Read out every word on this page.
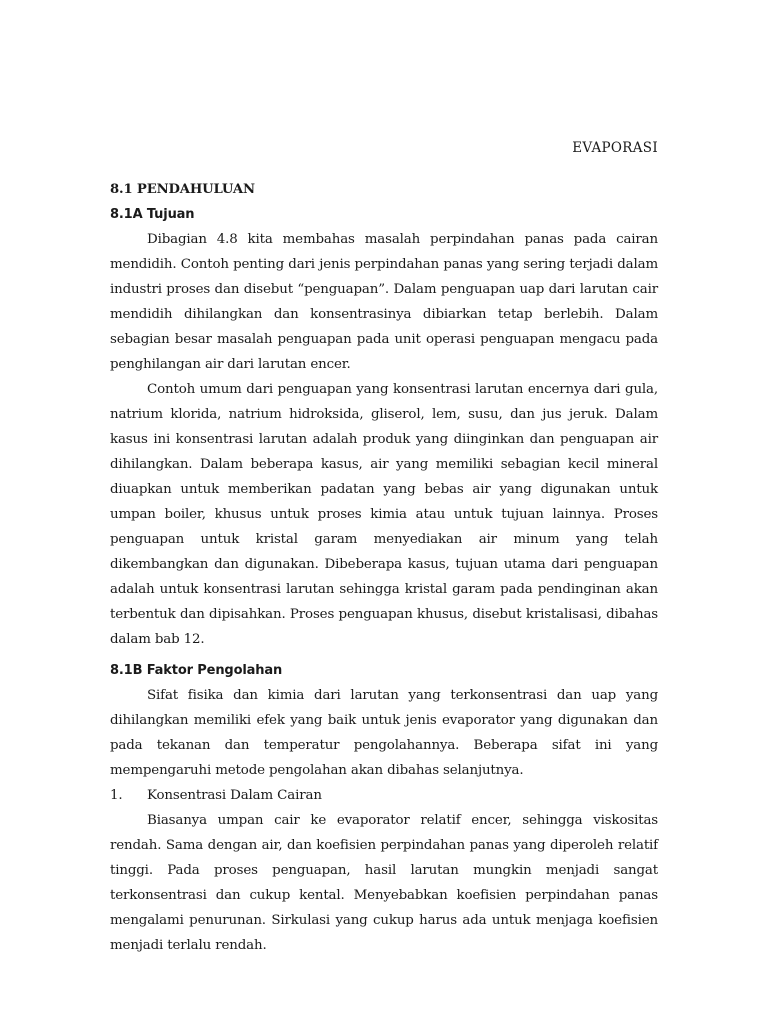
EVAPORASI
8.1 PENDAHULUAN
8.1A Tujuan

Dibagian 4.8 kita membahas masalah perpindahan panas pada cairan mendidih. Contoh penting dari jenis perpindahan panas yang sering terjadi dalam industri proses dan disebut “penguapan”. Dalam penguapan uap dari larutan cair mendidih dihilangkan dan konsentrasinya dibiarkan tetap berlebih. Dalam sebagian besar masalah penguapan pada unit operasi penguapan mengacu pada penghilangan air dari larutan encer.

Contoh umum dari penguapan yang konsentrasi larutan encernya dari gula, natrium klorida, natrium hidroksida, gliserol, lem, susu, dan jus jeruk. Dalam kasus ini konsentrasi larutan adalah produk yang diinginkan dan penguapan air dihilangkan. Dalam beberapa kasus, air yang memiliki sebagian kecil mineral diuapkan untuk memberikan padatan yang bebas air yang digunakan untuk umpan boiler, khusus untuk proses kimia atau untuk tujuan lainnya. Proses penguapan untuk kristal garam menyediakan air minum yang telah dikembangkan dan digunakan. Dibeberapa kasus, tujuan utama dari penguapan adalah untuk konsentrasi larutan sehingga kristal garam pada pendinginan akan terbentuk dan dipisahkan. Proses penguapan khusus, disebut kristalisasi, dibahas dalam bab 12.

8.1B Faktor Pengolahan

Sifat fisika dan kimia dari larutan yang terkonsentrasi dan uap yang dihilangkan memiliki efek yang baik untuk jenis evaporator yang digunakan dan pada tekanan dan temperatur pengolahannya. Beberapa sifat ini yang mempengaruhi metode pengolahan akan dibahas selanjutnya.

1.	Konsentrasi Dalam Cairan

Biasanya umpan cair ke evaporator relatif encer, sehingga viskositas rendah. Sama dengan air, dan koefisien perpindahan panas yang diperoleh relatif tinggi. Pada proses penguapan, hasil larutan mungkin menjadi sangat terkonsentrasi dan cukup kental. Menyebabkan koefisien perpindahan panas mengalami penurunan. Sirkulasi yang cukup harus ada untuk menjaga koefisien menjadi terlalu rendah.
